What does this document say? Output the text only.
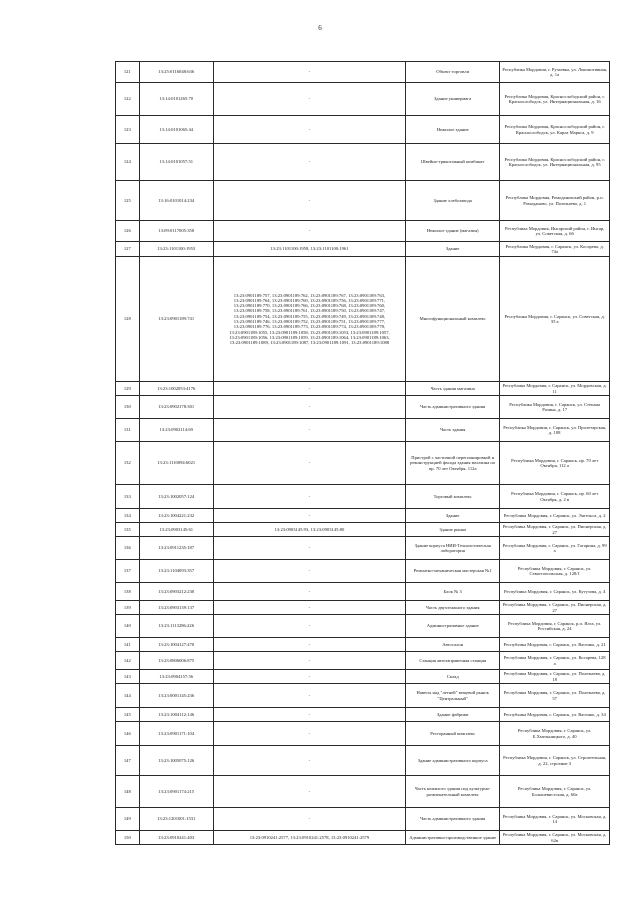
6
121	13:25:0116048:636	-	Объект торговли	Республика Мордовия, г. Рузаевка, ул. Локомотивная, д. 1а
122	13:14:0101265:70	-	Здание универмага	Республика Мордовия, Краснослободский район, г. Краснослободск, ул. Интернациональная, д. 16
123	13:14:0101065:44	-	Нежилое здание	Республика Мордовия, Краснослободский район, г. Краснослободск, ул. Карла Маркса, д. 9
124	13:14:0101057:51	-	Швейно-трикотажный комбинат	Республика Мордовия, Краснослободский район, г. Краснослободск, ул. Интернациональная, д. 95
125	13:16:0101014:234	-	Здание хлебозавода	Республика Мордовия, Ромодановский район, р.п. Ромоданово, ул. Полежаева, д. 1
126	13:09:0117005:358	-	Нежилое здание (магазин)	Республика Мордовия, Инсарский район, г. Инсар, ул. Советская, д. 66
127	13:23:1101100:1953	13:23:1101100:1958, 13:23:1101100:1961	Здание	Республика Мордовия, г. Саранск, ул. Косарева, д. 74а
128	13:23:0901189:741	13:23:0901189:757, 13:23:0901189:762, 13:23:0901189:767, 13:23:0901189:763, 13:23:0901189:764, 13:23:0901189:769, 13:23:0901189:756, 13:23:0901189:771, 13:23:0901189:770, 13:23:0901189:766, 13:23:0901189:768, 13:23:0901189:760, 13:23:0901189:758, 13:23:0901189:761, 13:23:0901189:750, 13:23:0901189:747, 13:23:0901189:754, 13:23:0901189:755, 13:23:0901189:749, 13:23:0901189:748, 13:23:0901189:746, 13:23:0901189:752, 13:23:0901189:751, 13:23:0901189:777, 13:23:0901189:776, 13:23:0901189:773, 13:23:0901189:774, 13:23:0901189:778, 13:23:0901189:1055, 13:23:0901189:1058, 13:23:0901189:1053, 13:23:0901189:1057, 13:23:0901189:1056, 13:23:0901189:1059, 13:23:0901189:1064, 13:23:0901189:1063, 13:23:0901189:1089, 13:23:0901189:1087, 13:23:0901189:1091, 13:23:0901189:1088	Многофункциональный комплекс	Республика Мордовия, г. Саранск, ул. Советская, д. 35 а
129	13:23:1002053:4176	-	Часть здания магазина	Республика Мордовия, г. Саранск, ул. Мордовская, д. 11
130	13:23:0902178:301	-	Часть административного здания	Республика Мордовия, г. Саранск, ул. Степана Разина, д. 17
131	13:23:0902114:69	-	Часть здания	Республика Мордовия, г. Саранск, ул. Пролетарская, д. 108
132	13:23:1110094:6021	-	Пристрой с частичной перепланировкой и реконструкцией фасада здания магазина по пр. 70 лет Октября, 112а	Республика Мордовия, г. Саранск, пр. 70 лет Октября, 112 а
133	13:23:1002057:124	-	Торговый комплекс	Республика Мордовия, г. Саранск, пр. 60 лет Октября, д. 2 в
134	13:23:1004221:232	-	Здание	Республика Мордовия, г. Саранск, ул. Энгельса, д. 2
135	13:23:0903145:61	13:23:0903145:93, 13:23:0903145:80	Здание рынка	Республика Мордовия, г. Саранск, ул. Пионерская, д. 27
136	13:23:0911235:187	-	Здание корпуса НИИ-Технологическая лаборатория	Республика Мордовия, г. Саранск, ул. Гагарина, д. 99 а
137	13:23:1104093:357	-	Ремонтно-механическая мастерская №1	Республика Мордовия, г. Саранск, ул. Севастопольская, д. 128/1
138	13:23:0903212:230	-	Блок № 3	Республика Мордовия, г. Саранск, ул. Кутузова, д. 4
139	13:23:0903139:137	-	Часть двухэтажного здания	Республика Мордовия, г. Саранск, ул. Пионерская, д. 27
140	13:23:1113286:226	-	Административное здание	Республика Мордовия, г. Саранск, р.п. Ялга, ул. Российская, д. 24
141	13:23:1004127:470	-	Автосалон	Республика Мордовия, г. Саранск, ул. Васенко, д. 21
142	13:23:0806006:875	-	Станция автозаправочная станция	Республика Мордовия, г. Саранск, ул. Косарева, 128 а
143	13:23:0904157:56	-	Склад	Республика Мордовия, г. Саранск, ул. Полежаева, д. 18
144	13:23:0001145:236	-	Навесы над "летней" вещевой рынок "Центральный"	Республика Мордовия, г. Саранск, ул. Полежаева, д. 57
145	13:23:1004112:146	-	Здание фабрики	Республика Мордовия, г. Саранск, ул. Васенко, д. 34
146	13:23:0901171:104	-	Ресторанный комплекс	Республика Мордовия, г. Саранск, ул. Б.Хмельницкого, д. 40
147	13:23:1005075:126	-	Здание административного корпуса	Республика Мордовия, г. Саранск, ул. Строительная, д. 22, строение 3
148	13:23:0901174:215	-	Часть нежилого здания под культурно-развлекательный комплекс	Республика Мордовия, г. Саранск, ул. Большевистская, д. 60а
149	13:23:1201001:1531	-	Часть административного здания	Республика Мордовия, г. Саранск, ул. Московская, д. 14
150	13:23:0910241:403	13:23:0910241:2577, 13:23:0910241:2578, 13:23:0910241:2579	Административно-производственное здание	Республика Мордовия, г. Саранск, ул. Московская, д. 62в
